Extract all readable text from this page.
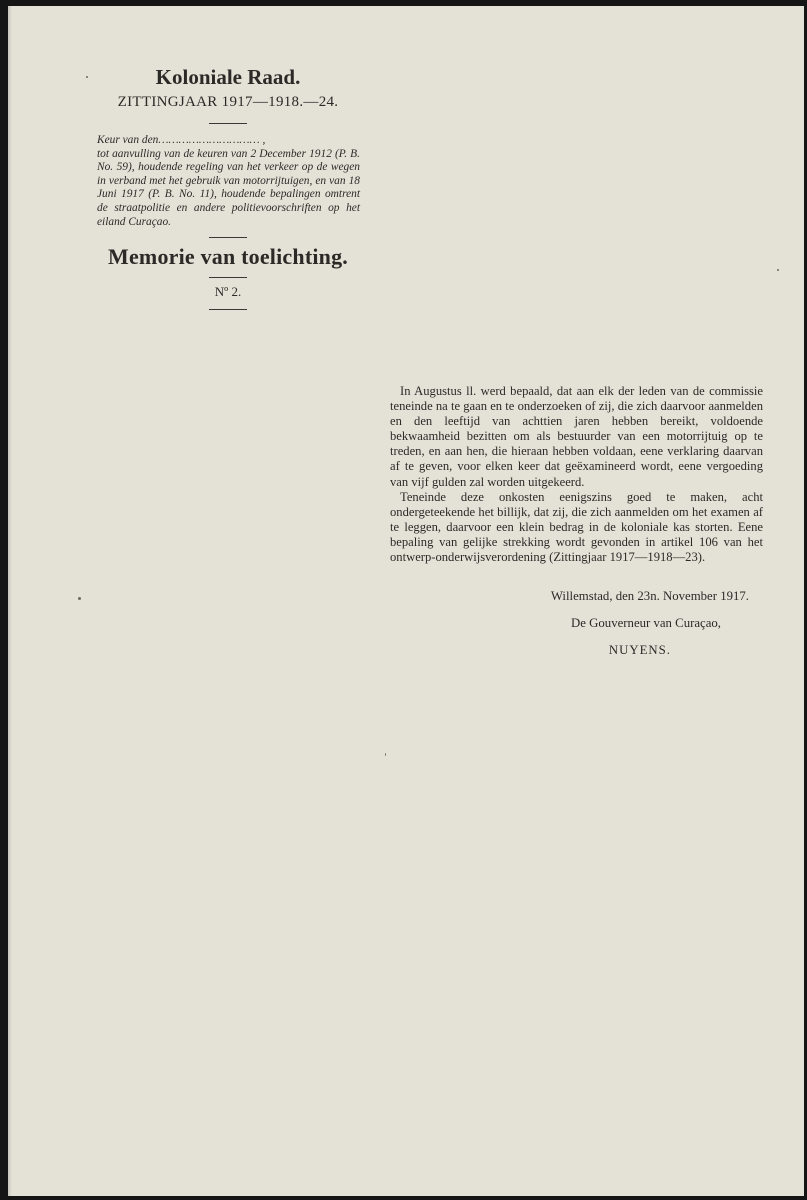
Koloniale Raad.
ZITTINGJAAR 1917—1918.—24.
Keur van den………………………… ,
tot aanvulling van de keuren van 2 December 1912 (P. B. No. 59), houdende regeling van het verkeer op de wegen in verband met het gebruik van motorrijtuigen, en van 18 Juni 1917 (P. B. No. 11), houdende bepalingen omtrent de straatpolitie en andere politievoorschriften op het eiland Curaçao.
Memorie van toelichting.
Nº 2.

In Augustus ll. werd bepaald, dat aan elk der leden van de commissie teneinde na te gaan en te onderzoeken of zij, die zich daarvoor aanmelden en den leeftijd van achttien jaren hebben bereikt, voldoende bekwaamheid bezitten om als bestuurder van een motorrijtuig op te treden, en aan hen, die hieraan hebben voldaan, eene verklaring daarvan af te geven, voor elken keer dat geëxamineerd wordt, eene vergoeding van vijf gulden zal worden uitgekeerd.

Teneinde deze onkosten eenigszins goed te maken, acht ondergeteekende het billijk, dat zij, die zich aanmelden om het examen af te leggen, daarvoor een klein bedrag in de koloniale kas storten. Eene bepaling van gelijke strekking wordt gevonden in artikel 106 van het ontwerp-onderwijsverordening (Zittingjaar 1917—1918—23).

Willemstad, den 23n. November 1917.

De Gouverneur van Curaçao,

NUYENS.
